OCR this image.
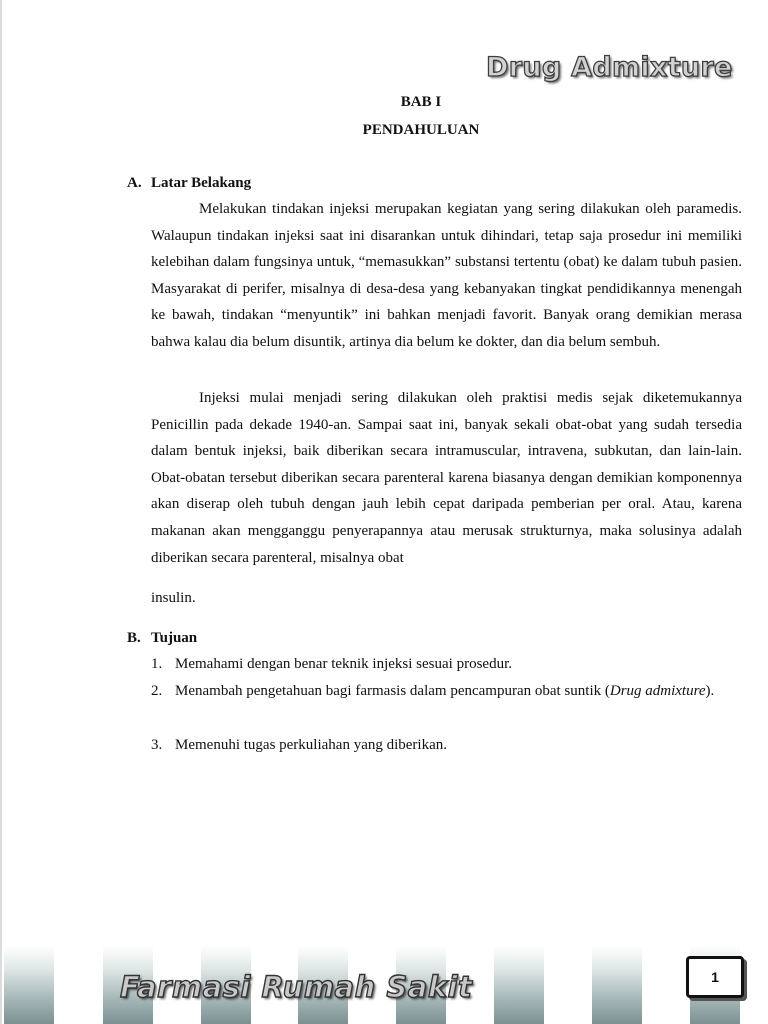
Drug Admixture
BAB I
PENDAHULUAN
A. Latar Belakang

Melakukan tindakan injeksi merupakan kegiatan yang sering dilakukan oleh paramedis. Walaupun tindakan injeksi saat ini disarankan untuk dihindari, tetap saja prosedur ini memiliki kelebihan dalam fungsinya untuk, “memasukkan” substansi tertentu (obat) ke dalam tubuh pasien. Masyarakat di perifer, misalnya di desa-desa yang kebanyakan tingkat pendidikannya menengah ke bawah, tindakan “menyuntik” ini bahkan menjadi favorit. Banyak orang demikian merasa bahwa kalau dia belum disuntik, artinya dia belum ke dokter, dan dia belum sembuh.

Injeksi mulai menjadi sering dilakukan oleh praktisi medis sejak diketemukannya Penicillin pada dekade 1940-an. Sampai saat ini, banyak sekali obat-obat yang sudah tersedia dalam bentuk injeksi, baik diberikan secara intramuscular, intravena, subkutan, dan lain-lain. Obat-obatan tersebut diberikan secara parenteral karena biasanya dengan demikian komponennya akan diserap oleh tubuh dengan jauh lebih cepat daripada pemberian per oral. Atau, karena makanan akan mengganggu penyerapannya atau merusak strukturnya, maka solusinya adalah diberikan secara parenteral, misalnya obat

insulin.
B. Tujuan
1. Memahami dengan benar teknik injeksi sesuai prosedur.
2. Menambah pengetahuan bagi farmasis dalam pencampuran obat suntik (Drug admixture).
3. Memenuhi tugas perkuliahan yang diberikan.
Farmasi Rumah Sakit	1
